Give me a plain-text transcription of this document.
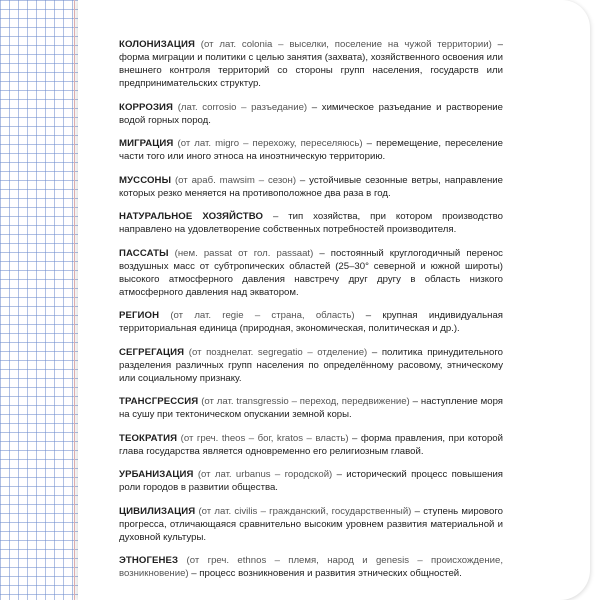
КОЛОНИЗАЦИЯ (от лат. colonia – выселки, поселение на чужой территории) – форма миграции и политики с целью занятия (захвата), хозяйственного освоения или внешнего контроля территорий со стороны групп населения, государств или предпринимательских структур.

КОРРОЗИЯ (лат. corrosio – разъедание) – химическое разъедание и растворение водой горных пород.

МИГРАЦИЯ (от лат. migro – перехожу, переселяюсь) – перемещение, переселение части того или иного этноса на иноэтническую территорию.

МУССОНЫ (от араб. mawsim – сезон) – устойчивые сезонные ветры, направление которых резко меняется на противоположное два раза в год.

НАТУРАЛЬНОЕ ХОЗЯЙСТВО – тип хозяйства, при котором производство направлено на удовлетворение собственных потребностей производителя.

ПАССАТЫ (нем. passat от гол. passaat) – постоянный круглогодичный перенос воздушных масс от субтропических областей (25–30° северной и южной широты) высокого атмосферного давления навстречу друг другу в область низкого атмосферного давления над экватором.

РЕГИОН (от лат. regie – страна, область) – крупная индивидуальная территориальная единица (природная, экономическая, политическая и др.).

СЕГРЕГАЦИЯ (от позднелат. segregatio – отделение) – политика принудительного разделения различных групп населения по определённому расовому, этническому или социальному признаку.

ТРАНСГРЕССИЯ (от лат. transgressio – переход, передвижение) – наступление моря на сушу при тектоническом опускании земной коры.

ТЕОКРАТИЯ (от греч. theos – бог, kratos – власть) – форма правления, при которой глава государства является одновременно его религиозным главой.

УРБАНИЗАЦИЯ (от лат. urbanus – городской) – исторический процесс повышения роли городов в развитии общества.

ЦИВИЛИЗАЦИЯ (от лат. civilis – гражданский, государственный) – ступень мирового прогресса, отличающаяся сравнительно высоким уровнем развития материальной и духовной культуры.

ЭТНОГЕНЕЗ (от греч. ethnos – племя, народ и genesis – происхождение, возникновение) – процесс возникновения и развития этнических общностей.
